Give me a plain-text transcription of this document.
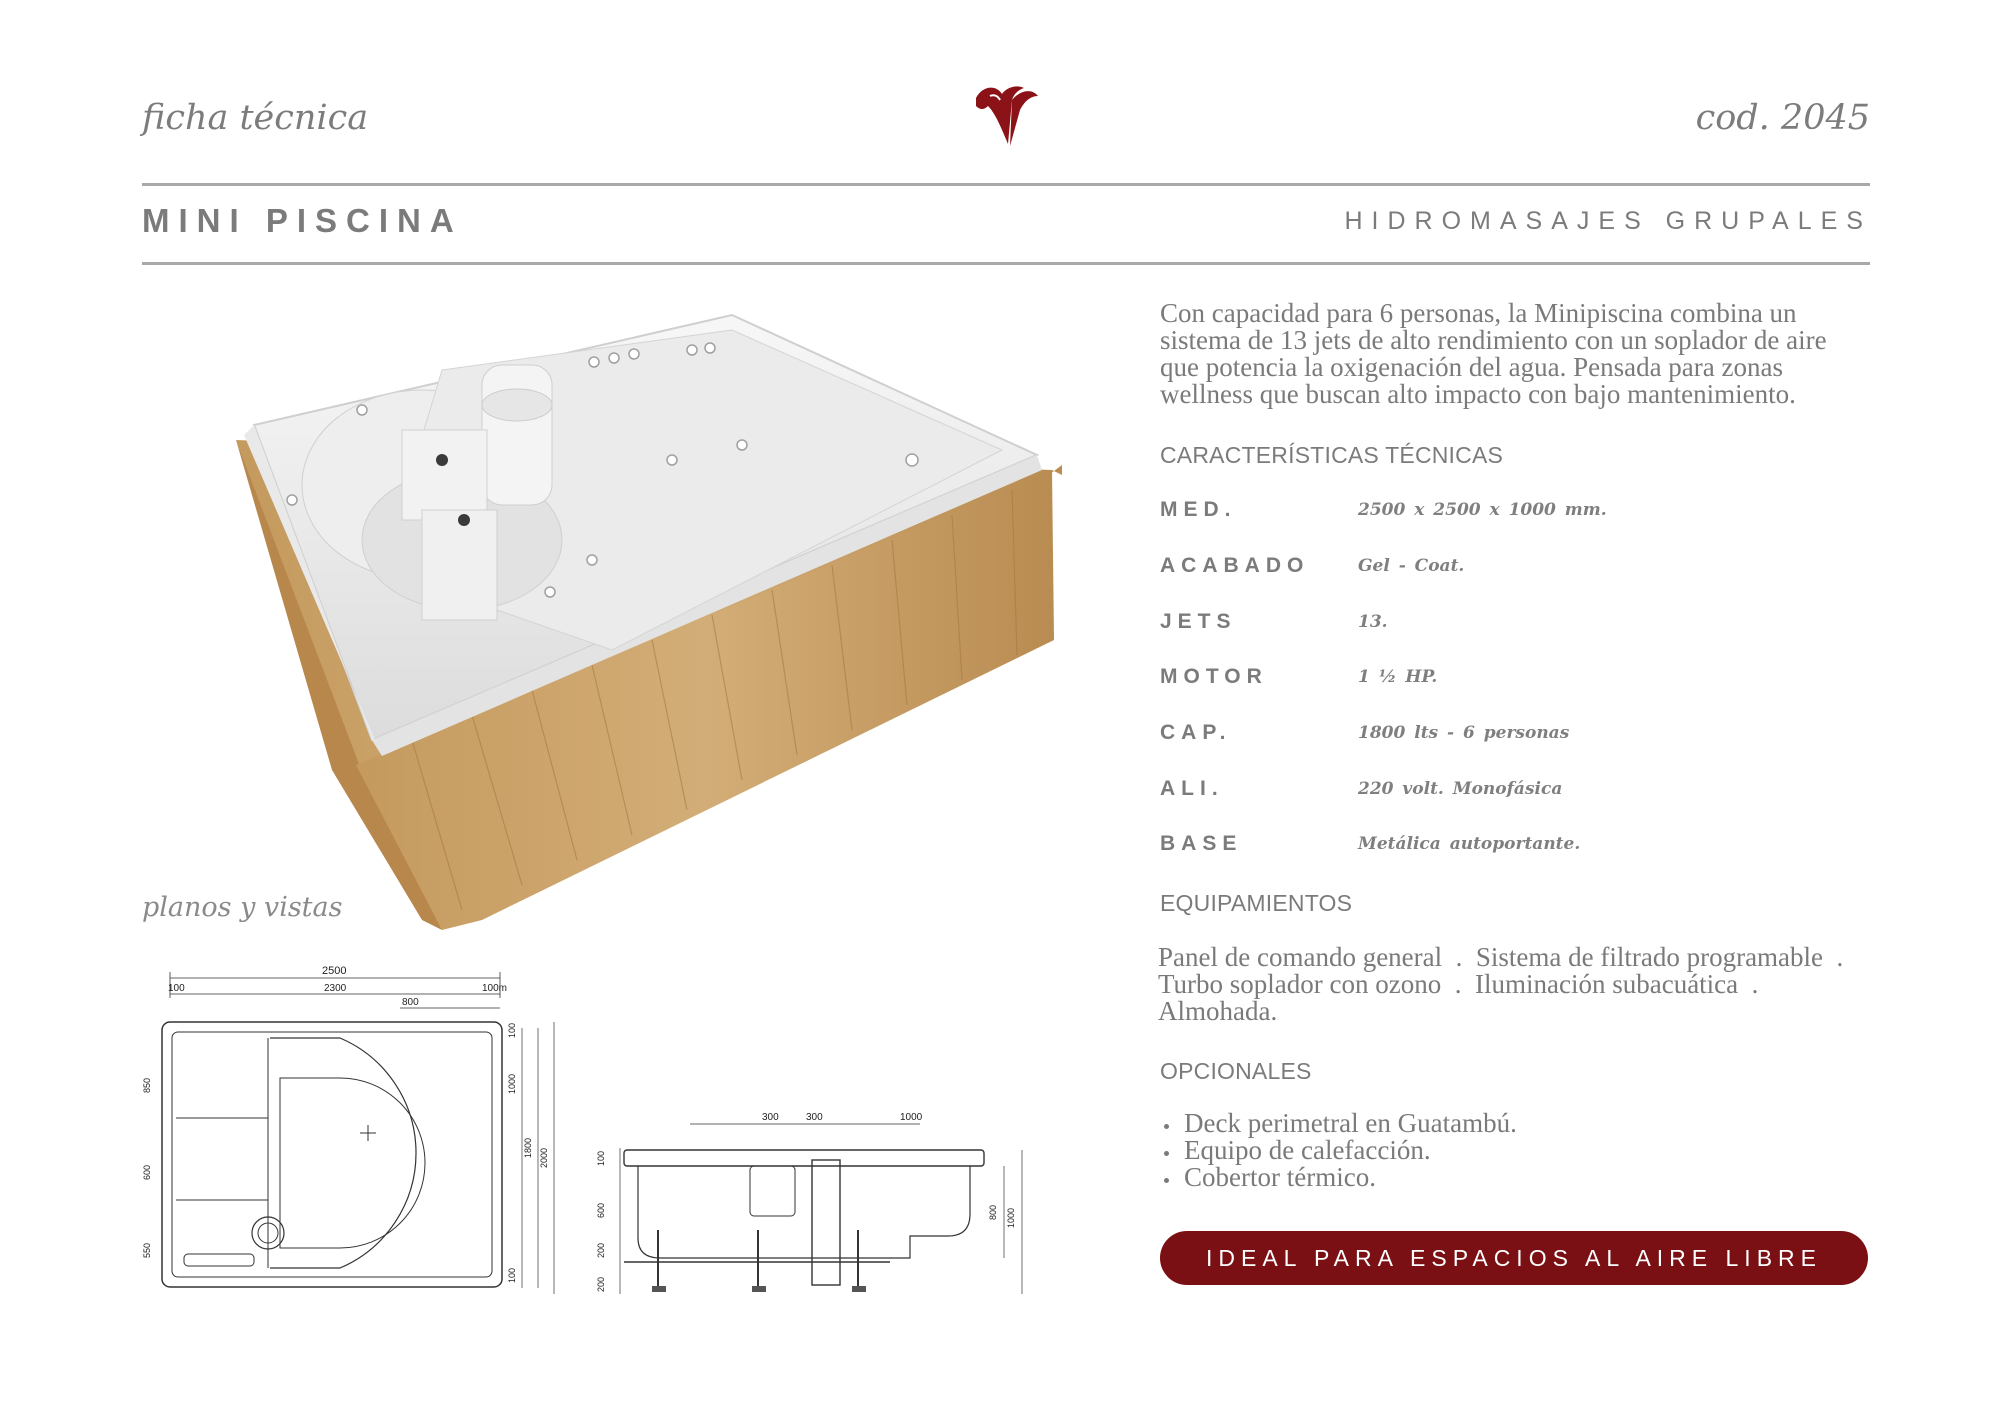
ficha técnica	cod. 2045
MINI PISCINA	HIDROMASAJES GRUPALES
planos y vistas
2500
100	2300	100m
800
850
600
550
100
1000
1800 2000
100
300	300	1000
100
600
200
200
800 1000
Con capacidad para 6 personas, la Minipiscina combina un sistema de 13 jets de alto rendimiento con un soplador de aire que potencia la oxigenación del agua. Pensada para zonas wellness que buscan alto impacto con bajo mantenimiento.
CARACTERÍSTICAS TÉCNICAS
MED.	2500 x 2500 x 1000 mm.
ACABADO	Gel - Coat.
JETS	13.
MOTOR	1 ½ HP.
CAP.	1800 lts - 6 personas
ALI.	220 volt. Monofásica
BASE	Metálica autoportante.
EQUIPAMIENTOS
Panel de comando general  .  Sistema de filtrado programable  . Turbo soplador con ozono  .  Iluminación subacuática  . Almohada.
OPCIONALES
Deck perimetral en Guatambú.
Equipo de calefacción.
Cobertor térmico.
IDEAL PARA ESPACIOS AL AIRE LIBRE
